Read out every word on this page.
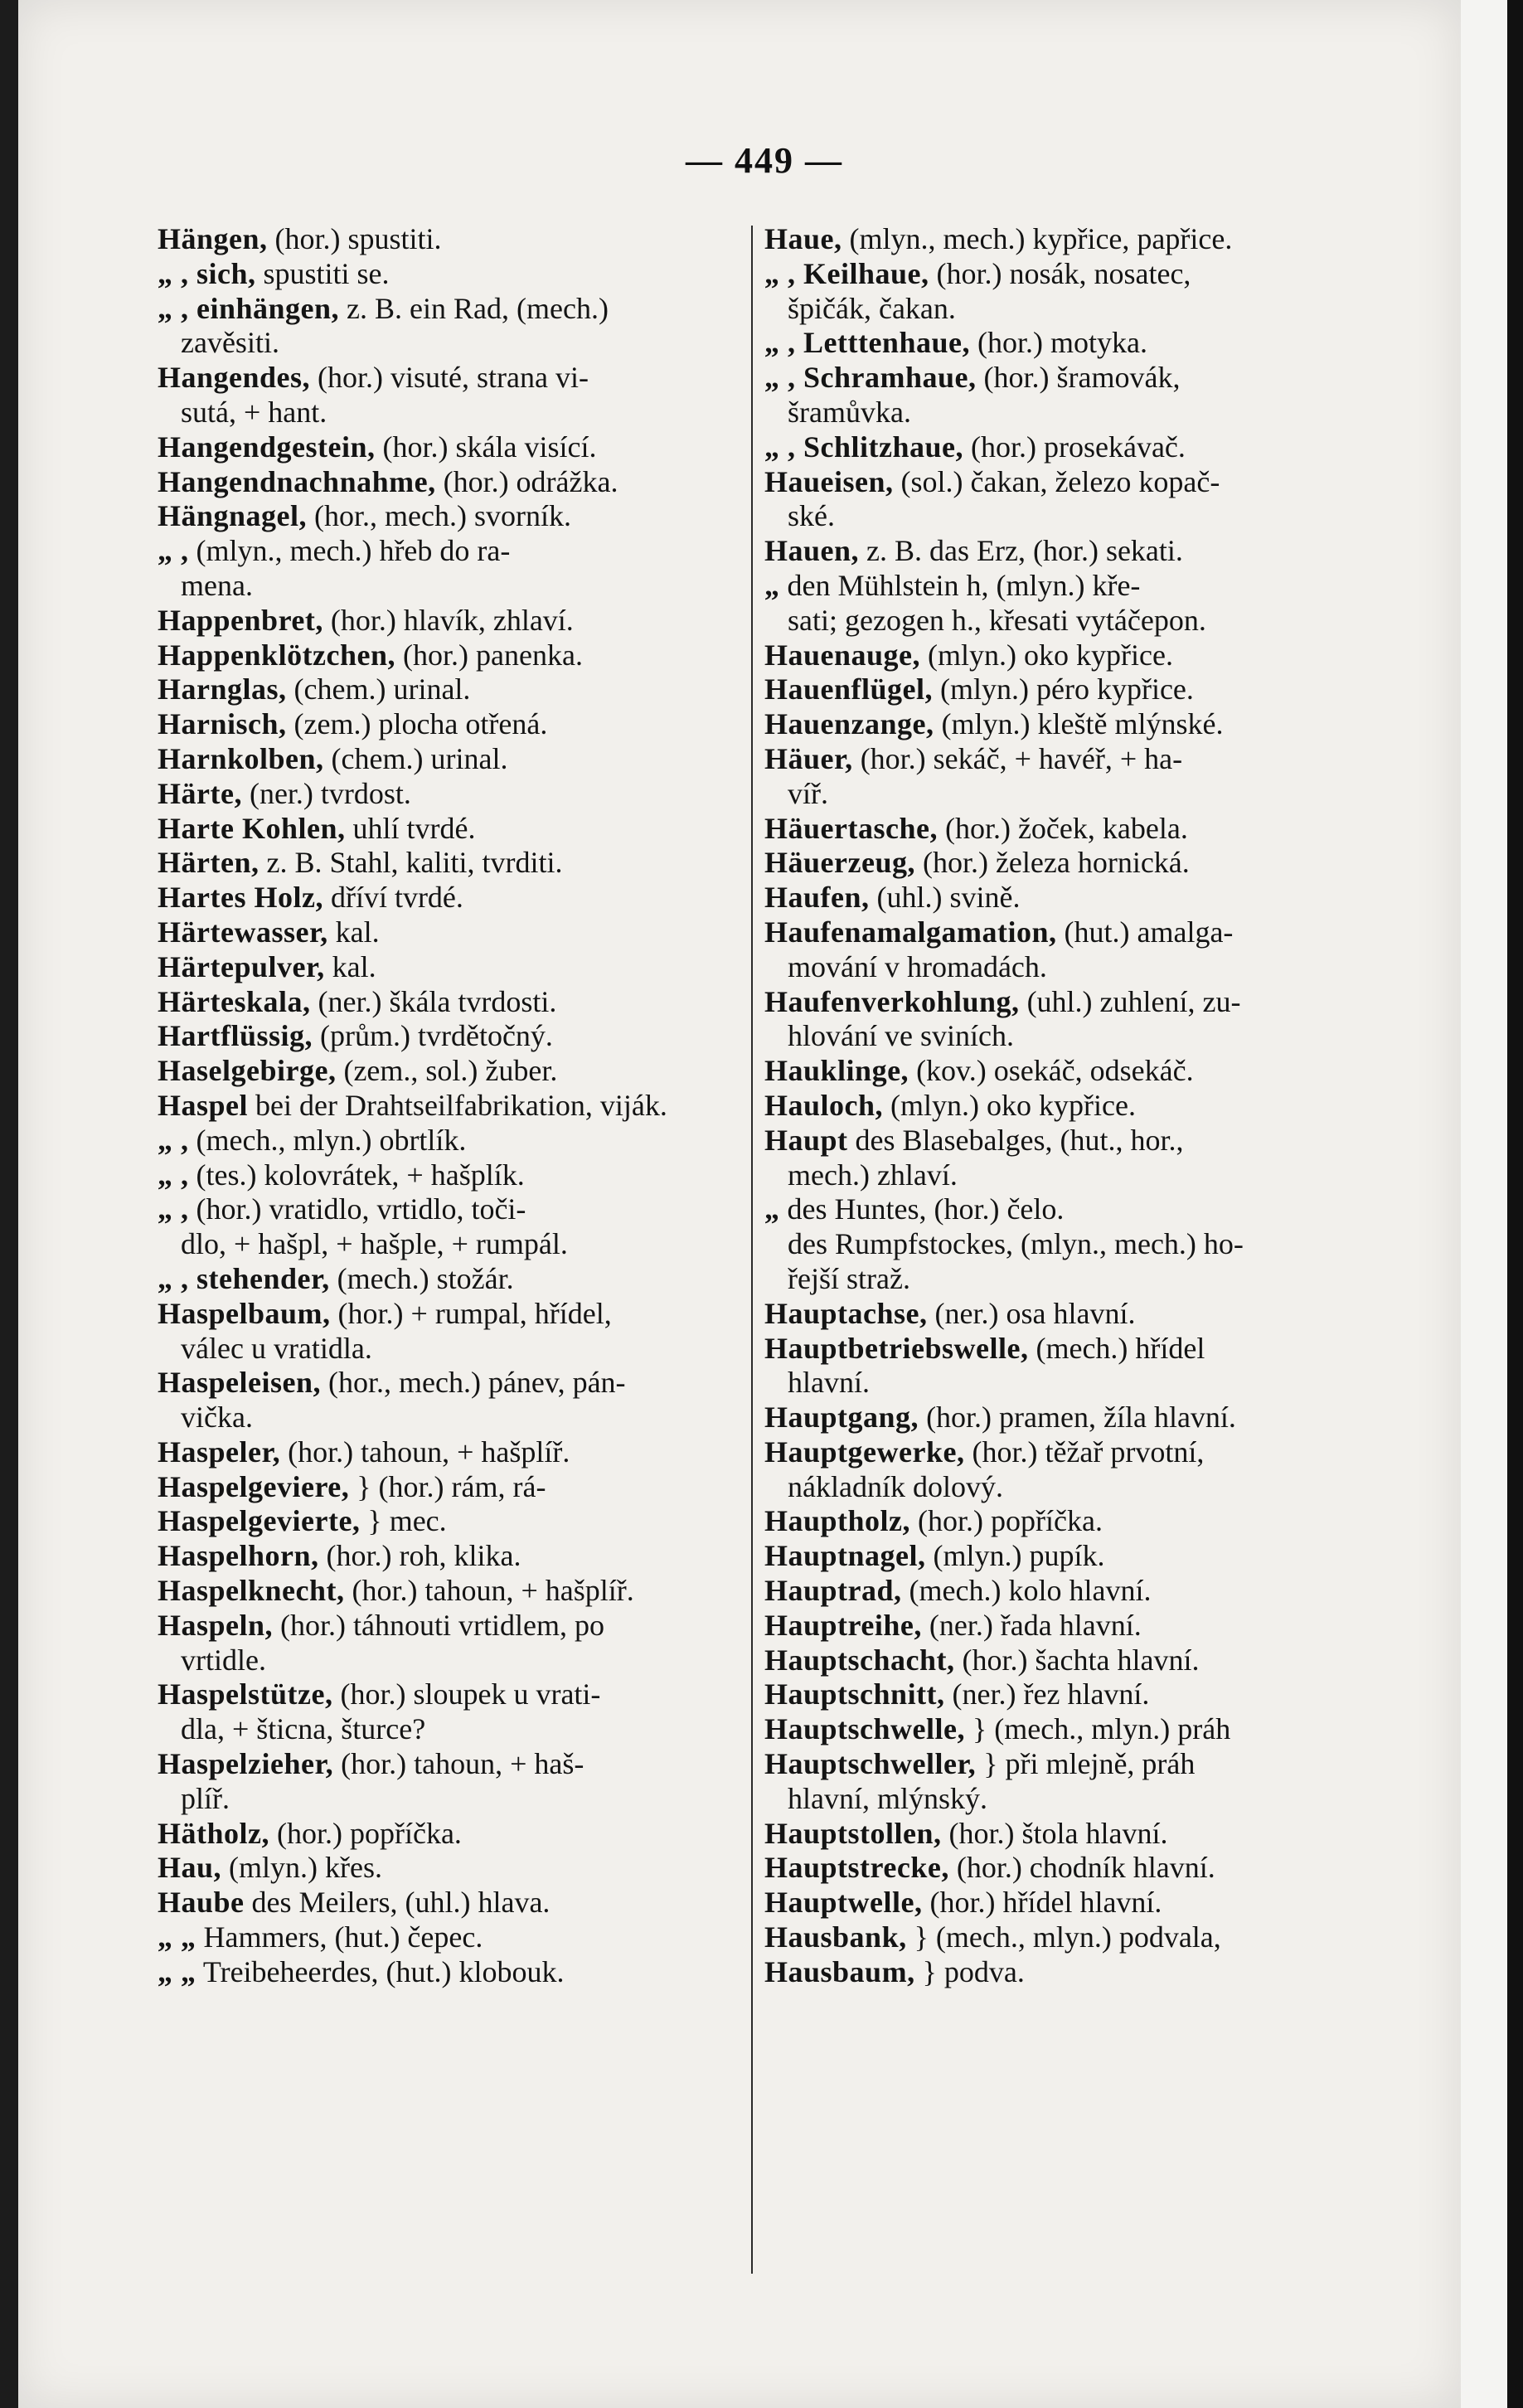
— 449 —
Hängen, (hor.) spustiti.
„ , sich, spustiti se.
„ , einhängen, z. B. ein Rad, (mech.)
zavěsiti.
Hangendes, (hor.) visuté, strana vi-
sutá, + hant.
Hangendgestein, (hor.) skála visící.
Hangendnachnahme, (hor.) odrážka.
Hängnagel, (hor., mech.) svorník.
„ , (mlyn., mech.) hřeb do ra-
mena.
Happenbret, (hor.) hlavík, zhlaví.
Happenklötzchen, (hor.) panenka.
Harnglas, (chem.) urinal.
Harnisch, (zem.) plocha otřená.
Harnkolben, (chem.) urinal.
Härte, (ner.) tvrdost.
Harte Kohlen, uhlí tvrdé.
Härten, z. B. Stahl, kaliti, tvrditi.
Hartes Holz, dříví tvrdé.
Härtewasser, kal.
Härtepulver, kal.
Härteskala, (ner.) škála tvrdosti.
Hartflüssig, (prům.) tvrdětočný.
Haselgebirge, (zem., sol.) žuber.
Haspel bei der Drahtseilfabrikation, viják.
„ , (mech., mlyn.) obrtlík.
„ , (tes.) kolovrátek, + hašplík.
„ , (hor.) vratidlo, vrtidlo, toči-
dlo, + hašpl, + hašple, + rumpál.
„ , stehender, (mech.) stožár.
Haspelbaum, (hor.) + rumpal, hřídel,
válec u vratidla.
Haspeleisen, (hor., mech.) pánev, pán-
vička.
Haspeler, (hor.) tahoun, + hašplíř.
Haspelgeviere, } (hor.) rám, rá-
Haspelgevierte, } mec.
Haspelhorn, (hor.) roh, klika.
Haspelknecht, (hor.) tahoun, + hašplíř.
Haspeln, (hor.) táhnouti vrtidlem, po
vrtidle.
Haspelstütze, (hor.) sloupek u vrati-
dla, + šticna, šturce?
Haspelzieher, (hor.) tahoun, + haš-
plíř.
Hätholz, (hor.) popříčka.
Hau, (mlyn.) křes.
Haube des Meilers, (uhl.) hlava.
„ „ Hammers, (hut.) čepec.
„ „ Treibeheerdes, (hut.) klobouk.
Haue, (mlyn., mech.) kypřice, papřice.
„ , Keilhaue, (hor.) nosák, nosatec,
špičák, čakan.
„ , Letttenhaue, (hor.) motyka.
„ , Schramhaue, (hor.) šramovák,
šramůvka.
„ , Schlitzhaue, (hor.) prosekávač.
Haueisen, (sol.) čakan, železo kopač-
ské.
Hauen, z. B. das Erz, (hor.) sekati.
„ den Mühlstein h, (mlyn.) kře-
sati; gezogen h., křesati vytáčepon.
Hauenauge, (mlyn.) oko kypřice.
Hauenflügel, (mlyn.) péro kypřice.
Hauenzange, (mlyn.) kleště mlýnské.
Häuer, (hor.) sekáč, + havéř, + ha-
víř.
Häuertasche, (hor.) žoček, kabela.
Häuerzeug, (hor.) železa hornická.
Haufen, (uhl.) svině.
Haufenamalgamation, (hut.) amalga-
mování v hromadách.
Haufenverkohlung, (uhl.) zuhlení, zu-
hlování ve sviních.
Hauklinge, (kov.) osekáč, odsekáč.
Hauloch, (mlyn.) oko kypřice.
Haupt des Blasebalges, (hut., hor.,
mech.) zhlaví.
„ des Huntes, (hor.) čelo.
des Rumpfstockes, (mlyn., mech.) ho-
řejší straž.
Hauptachse, (ner.) osa hlavní.
Hauptbetriebswelle, (mech.) hřídel
hlavní.
Hauptgang, (hor.) pramen, žíla hlavní.
Hauptgewerke, (hor.) těžař prvotní,
nákladník dolový.
Hauptholz, (hor.) popříčka.
Hauptnagel, (mlyn.) pupík.
Hauptrad, (mech.) kolo hlavní.
Hauptreihe, (ner.) řada hlavní.
Hauptschacht, (hor.) šachta hlavní.
Hauptschnitt, (ner.) řez hlavní.
Hauptschwelle, } (mech., mlyn.) práh
Hauptschweller, } při mlejně, práh
hlavní, mlýnský.
Hauptstollen, (hor.) štola hlavní.
Hauptstrecke, (hor.) chodník hlavní.
Hauptwelle, (hor.) hřídel hlavní.
Hausbank, } (mech., mlyn.) podvala,
Hausbaum, } podva.
